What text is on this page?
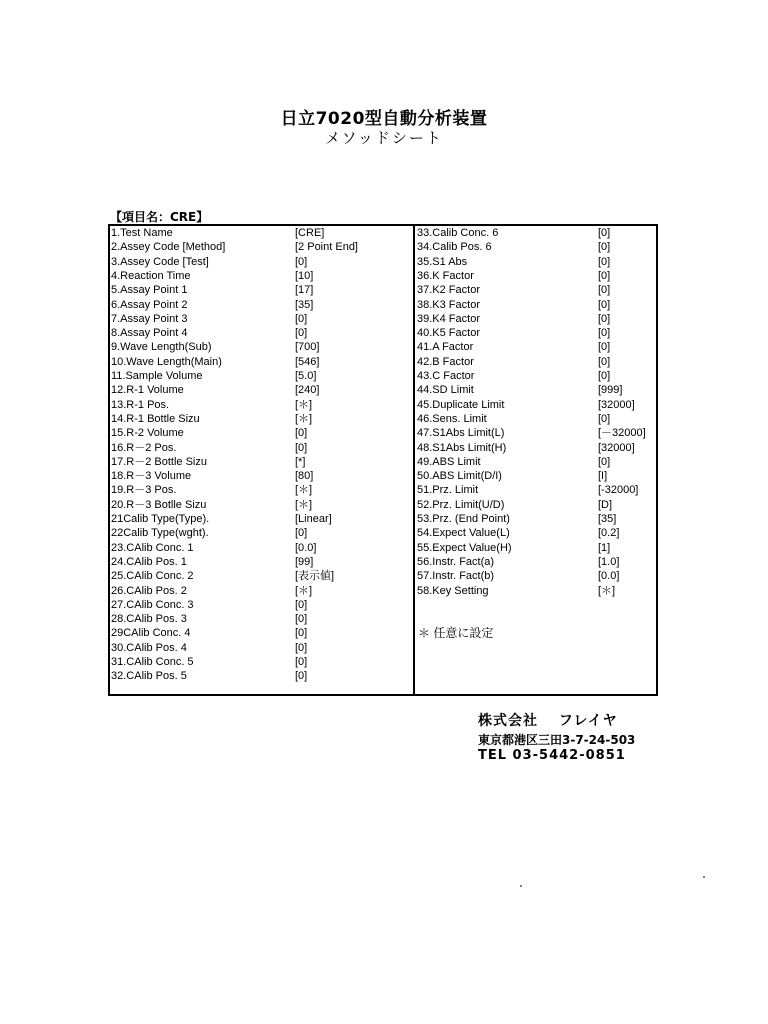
日立7020型自動分析装置
メソッドシート
【項目名：CRE】
1.Test Name	[CRE]
2.Assey Code [Method]	[2 Point End]
3.Assey Code [Test]	[0]
4.Reaction Time	[10]
5.Assay Point 1	[17]
6.Assay Point 2	[35]
7.Assay Point 3	[0]
8.Assay Point 4	[0]
9.Wave Length(Sub)	[700]
10.Wave Length(Main)	[546]
11.Sample Volume	[5.0]
12.R-1 Volume	[240]
13.R-1 Pos.	[＊]
14.R-1 Bottle Sizu	[＊]
15.R-2 Volume	[0]
16.R－2 Pos.	[0]
17.R－2 Bottle Sizu	[*]
18.R－3 Volume	[80]
19.R－3 Pos.	[＊]
20.R－3 Botlle Sizu	[＊]
21Calib Type(Type).	[Linear]
22Calib Type(wght).	[0]
23.CAlib Conc. 1	[0.0]
24.CAlib Pos. 1	[99]
25.CAlib Conc. 2	[表示値]
26.CAlib Pos. 2	[＊]
27.CAlib Conc. 3	[0]
28.CAlib Pos. 3	[0]
29CAlib Conc. 4	[0]
30.CAlib Pos. 4	[0]
31.CAlib Conc. 5	[0]
32.CAlib Pos. 5	[0]
33.Calib Conc. 6	[0]
34.Calib Pos. 6	[0]
35.S1 Abs	[0]
36.K Factor	[0]
37.K2 Factor	[0]
38.K3 Factor	[0]
39.K4 Factor	[0]
40.K5 Factor	[0]
41.A Factor	[0]
42.B Factor	[0]
43.C Factor	[0]
44.SD Limit	[999]
45.Duplicate Limit	[32000]
46.Sens. Limit	[0]
47.S1Abs Limit(L)	[－32000]
48.S1Abs Limit(H)	[32000]
49.ABS Limit	[0]
50.ABS Limit(D/I)	[I]
51.Prz. Limit	[-32000]
52.Prz. Limit(U/D)	[D]
53.Prz. (End Point)	[35]
54.Expect Value(L)	[0.2]
55.Expect Value(H)	[1]
56.Instr. Fact(a)	[1.0]
57.Instr. Fact(b)	[0.0]
58.Key Setting	[＊]
＊ 任意に設定
株式会社　 フレイヤ
東京都港区三田3-7-24-503
TEL 03-5442-0851
